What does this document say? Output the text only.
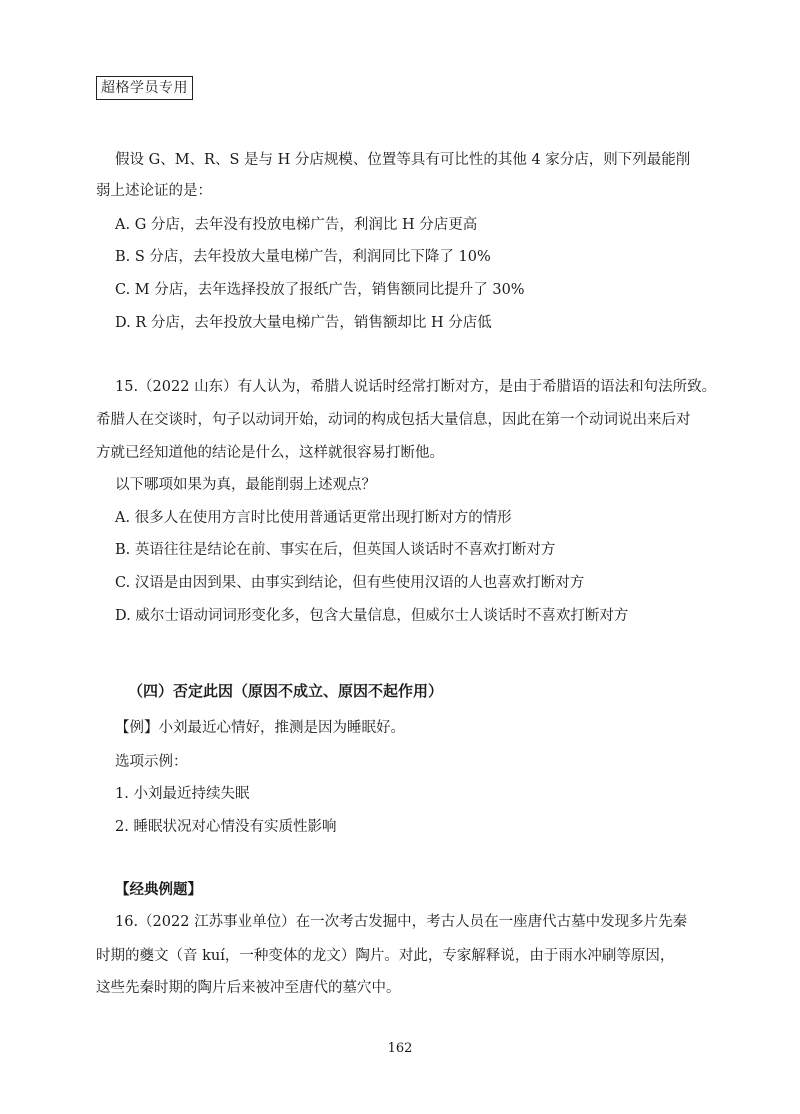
超格学员专用
假设 G、M、R、S 是与 H 分店规模、位置等具有可比性的其他 4 家分店，则下列最能削
弱上述论证的是：
A. G 分店，去年没有投放电梯广告，利润比 H 分店更高
B. S 分店，去年投放大量电梯广告，利润同比下降了 10%
C. M 分店，去年选择投放了报纸广告，销售额同比提升了 30%
D. R 分店，去年投放大量电梯广告，销售额却比 H 分店低
15.（2022 山东）有人认为，希腊人说话时经常打断对方，是由于希腊语的语法和句法所致。
希腊人在交谈时，句子以动词开始，动词的构成包括大量信息，因此在第一个动词说出来后对
方就已经知道他的结论是什么，这样就很容易打断他。
以下哪项如果为真，最能削弱上述观点？
A. 很多人在使用方言时比使用普通话更常出现打断对方的情形
B. 英语往往是结论在前、事实在后，但英国人谈话时不喜欢打断对方
C. 汉语是由因到果、由事实到结论，但有些使用汉语的人也喜欢打断对方
D. 威尔士语动词词形变化多，包含大量信息，但威尔士人谈话时不喜欢打断对方
（四）否定此因（原因不成立、原因不起作用）
【例】小刘最近心情好，推测是因为睡眠好。
选项示例：
1. 小刘最近持续失眠
2. 睡眠状况对心情没有实质性影响
【经典例题】
16.（2022 江苏事业单位）在一次考古发掘中，考古人员在一座唐代古墓中发现多片先秦
时期的夔文（音 kuí，一种变体的龙文）陶片。对此，专家解释说，由于雨水冲刷等原因，
这些先秦时期的陶片后来被冲至唐代的墓穴中。
162
